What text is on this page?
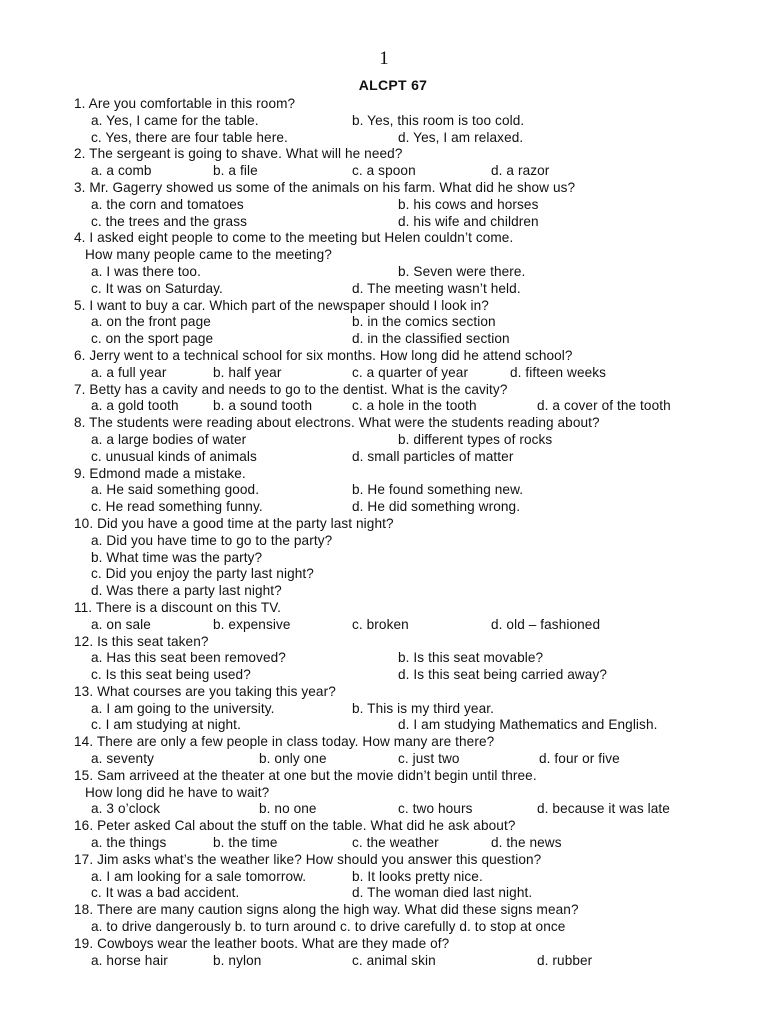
1
ALCPT 67
1. Are you comfortable in this room?
a. Yes, I came for the table.	b. Yes, this room is too cold.
c. Yes, there are four table here.	d. Yes, I am relaxed.
2. The sergeant is going to shave. What will he need?
a. a comb	b. a file	c. a spoon	d. a razor
3. Mr. Gagerry showed us some of the animals on his farm. What did he show us?
a. the corn and tomatoes	b. his cows and horses
c. the trees and the grass	d. his wife and children
4. I asked eight people to come to the meeting but Helen couldn’t come.
How many people came to the meeting?
a. I was there too.	b. Seven were there.
c. It was on Saturday.	d. The meeting wasn’t held.
5. I want to buy a car. Which part of the newspaper should I look in?
a. on the front page	b. in the comics section
c. on the sport page	d. in the classified section
6. Jerry went to a technical school for six months. How long did he attend school?
a. a full year	b. half year	c. a quarter of year	d. fifteen weeks
7. Betty has a cavity and needs to go to the dentist. What is the cavity?
a. a gold tooth	b. a sound tooth	c. a hole in the tooth	d. a cover of the tooth
8. The students were reading about electrons. What were the students reading about?
a. a large bodies of water	b. different types of rocks
c. unusual kinds of animals	d. small particles of matter
9. Edmond made a mistake.
a. He said something good.	b. He found something new.
c. He read something funny.	d. He did something wrong.
10. Did you have a good time at the party last night?
a. Did you have time to go to the party?
b. What time was the party?
c. Did you enjoy the party last night?
d. Was there a party last night?
11. There is a discount on this TV.
a. on sale	b. expensive	c. broken	d. old – fashioned
12. Is this seat taken?
a. Has this seat been removed?	b. Is this seat movable?
c. Is this seat being used?	d. Is this seat being carried away?
13. What courses are you taking this year?
a. I am going to the university.	b. This is my third year.
c. I am studying at night.	d. I am studying Mathematics and English.
14. There are only a few people in class today. How many are there?
a. seventy	b. only one	c. just two	d. four or five
15. Sam arriveed at the theater at one but the movie didn’t begin until three.
How long did he have to wait?
a. 3 o’clock	b. no one	c. two hours	d. because it was late
16. Peter asked Cal about the stuff on the table. What did he ask about?
a. the things	b. the time	c. the weather	d. the news
17. Jim asks what’s the weather like? How should you answer this question?
a. I am looking for a sale tomorrow.	b. It looks pretty nice.
c. It was a bad accident.	d. The woman died last night.
18. There are many caution signs along the high way. What did these signs mean?
a. to drive dangerously b. to turn around c. to drive carefully d. to stop at once
19. Cowboys wear the leather boots. What are they made of?
a. horse hair	b. nylon	c. animal skin	d. rubber
